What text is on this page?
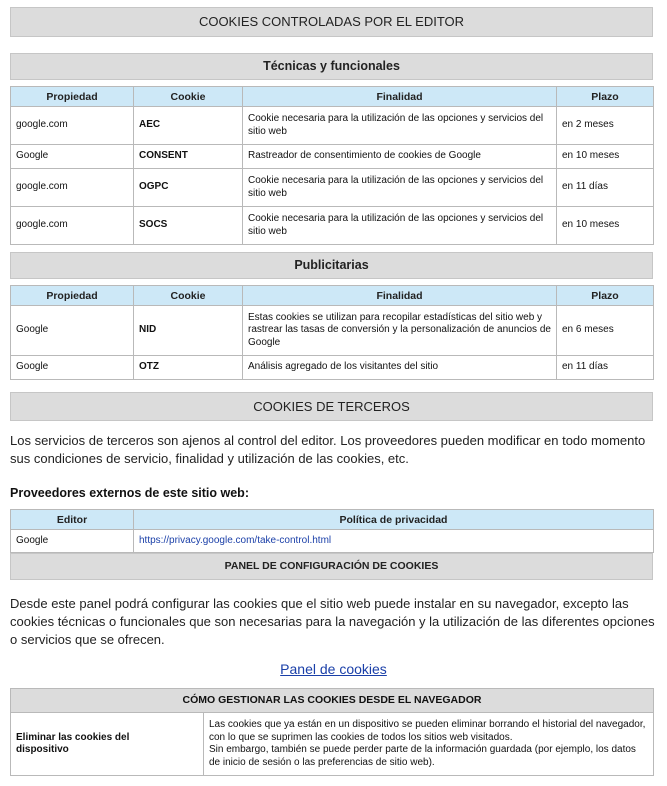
COOKIES CONTROLADAS POR EL EDITOR
Técnicas y funcionales
Propiedad	Cookie	Finalidad	Plazo
google.com	AEC	Cookie necesaria para la utilización de las opciones y servicios del sitio web	en 2 meses
Google	CONSENT	Rastreador de consentimiento de cookies de Google	en 10 meses
google.com	OGPC	Cookie necesaria para la utilización de las opciones y servicios del sitio web	en 11 días
google.com	SOCS	Cookie necesaria para la utilización de las opciones y servicios del sitio web	en 10 meses
Publicitarias
Propiedad	Cookie	Finalidad	Plazo
Google	NID	Estas cookies se utilizan para recopilar estadísticas del sitio web y rastrear las tasas de conversión y la personalización de anuncios de Google	en 6 meses
Google	OTZ	Análisis agregado de los visitantes del sitio	en 11 días
COOKIES DE TERCEROS
Los servicios de terceros son ajenos al control del editor. Los proveedores pueden modificar en todo momento sus condiciones de servicio, finalidad y utilización de las cookies, etc.
Proveedores externos de este sitio web:
Editor	Política de privacidad
Google	https://privacy.google.com/take-control.html
PANEL DE CONFIGURACIÓN DE COOKIES
Desde este panel podrá configurar las cookies que el sitio web puede instalar en su navegador, excepto las cookies técnicas o funcionales que son necesarias para la navegación y la utilización de las diferentes opciones o servicios que se ofrecen.
Panel de cookies
CÓMO GESTIONAR LAS COOKIES DESDE EL NAVEGADOR
Eliminar las cookies del dispositivo	
Las cookies que ya están en un dispositivo se pueden eliminar borrando el historial del navegador, con lo que se suprimen las cookies de todos los sitios web visitados.
Sin embargo, también se puede perder parte de la información guardada (por ejemplo, los datos de inicio de sesión o las preferencias de sitio web).
